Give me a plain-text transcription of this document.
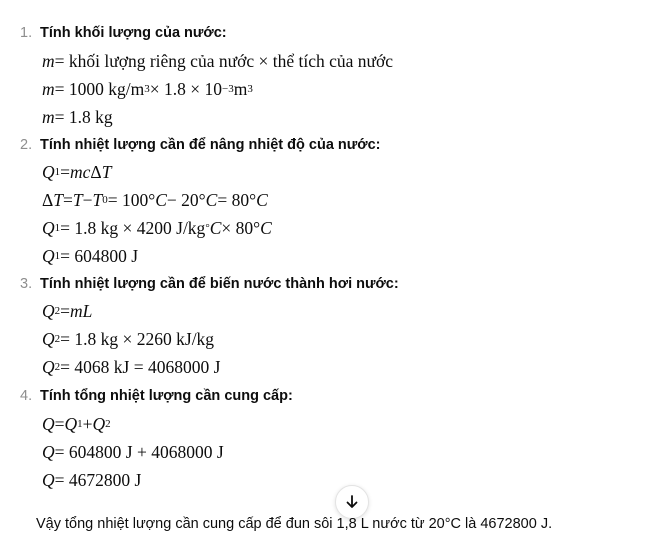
1. Tính khối lượng của nước:
m = khối lượng riêng của nước × thể tích của nước
m = 1000 kg/m 3 × 1.8 × 10 −3 m 3
m = 1.8 kg
2. Tính nhiệt lượng cần để nâng nhiệt độ của nước:
Q 1 = mc Δ T
Δ T = T − T 0 = 100° C − 20° C = 80° C
Q 1 = 1.8 kg × 4200 J/kg ° C × 80° C
Q 1 = 604800 J
3. Tính nhiệt lượng cần để biến nước thành hơi nước:
Q 2 = mL
Q 2 = 1.8 kg × 2260 kJ/kg
Q 2 = 4068 kJ = 4068000 J
4. Tính tổng nhiệt lượng cần cung cấp:
Q = Q 1 + Q 2
Q = 604800 J + 4068000 J
Q = 4672800 J
Vậy tổng nhiệt lượng cần cung cấp để đun sôi 1,8 L nước từ 20°C là 4672800 J.
